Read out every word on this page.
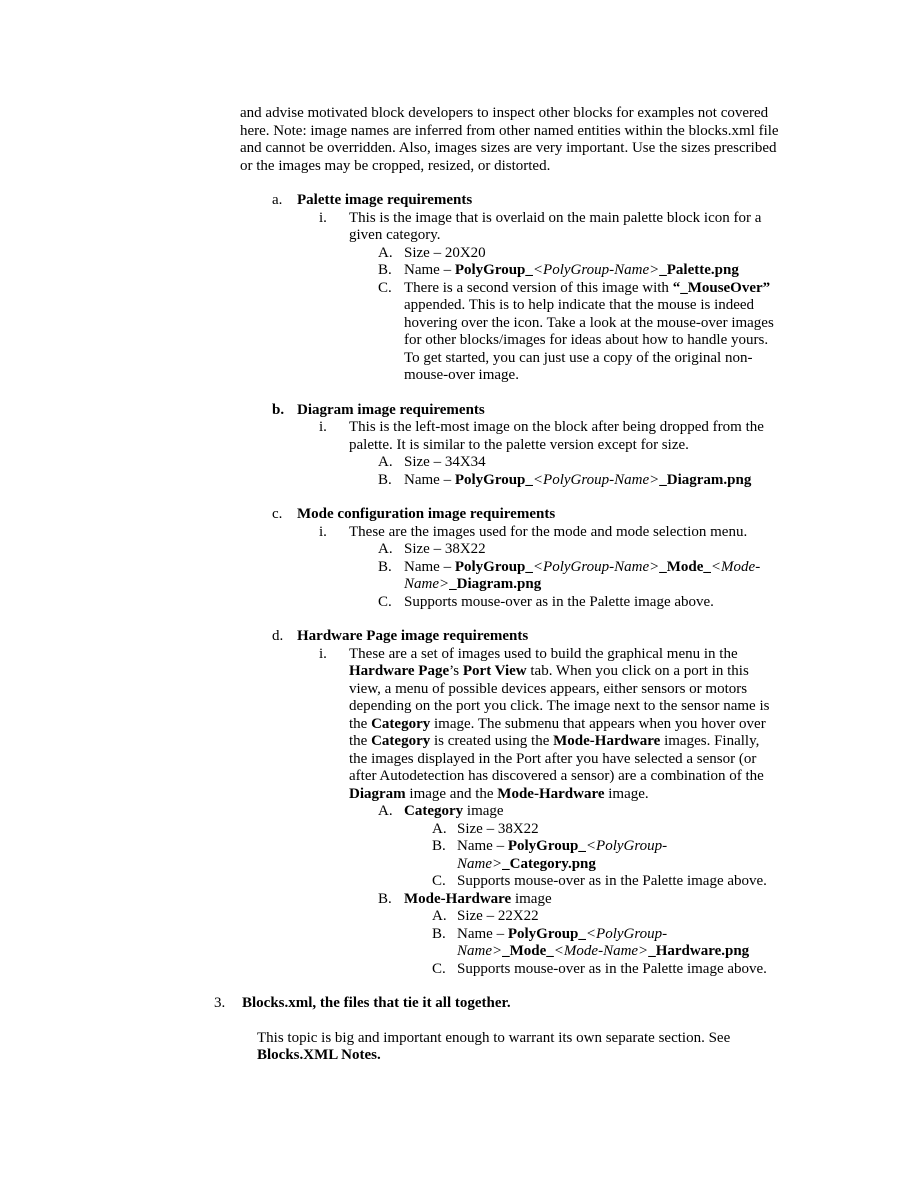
and advise motivated block developers to inspect other blocks for examples not covered
here. Note: image names are inferred from other named entities within the blocks.xml file
and cannot be overridden. Also, images sizes are very important. Use the sizes prescribed
or the images may be cropped, resized, or distorted.
a. Palette image requirements
i.	This is the image that is overlaid on the main palette block icon for a
given category.
A. Size – 20X20
B. Name – PolyGroup_<PolyGroup-Name>_Palette.png
C. There is a second version of this image with “_MouseOver”
appended. This is to help indicate that the mouse is indeed
hovering over the icon. Take a look at the mouse-over images
for other blocks/images for ideas about how to handle yours.
To get started, you can just use a copy of the original non-
mouse-over image.
b. Diagram image requirements
i.	This is the left-most image on the block after being dropped from the
palette. It is similar to the palette version except for size.
A. Size – 34X34
B. Name – PolyGroup_<PolyGroup-Name>_Diagram.png
c. Mode configuration image requirements
i.	These are the images used for the mode and mode selection menu.
A. Size – 38X22
B. Name – PolyGroup_<PolyGroup-Name>_Mode_<Mode-
Name>_Diagram.png
C. Supports mouse-over as in the Palette image above.
d. Hardware Page image requirements
i.	These are a set of images used to build the graphical menu in the
Hardware Page’s Port View tab. When you click on a port in this
view, a menu of possible devices appears, either sensors or motors
depending on the port you click. The image next to the sensor name is
the Category image. The submenu that appears when you hover over
the Category is created using the Mode-Hardware images. Finally,
the images displayed in the Port after you have selected a sensor (or
after Autodetection has discovered a sensor) are a combination of the
Diagram image and the Mode-Hardware image.
A. Category image
A. Size – 38X22
B. Name – PolyGroup_<PolyGroup-
Name>_Category.png
C. Supports mouse-over as in the Palette image above.
B. Mode-Hardware image
A. Size – 22X22
B. Name – PolyGroup_<PolyGroup-
Name>_Mode_<Mode-Name>_Hardware.png
C. Supports mouse-over as in the Palette image above.
3. Blocks.xml, the files that tie it all together.
This topic is big and important enough to warrant its own separate section. See
Blocks.XML Notes.
